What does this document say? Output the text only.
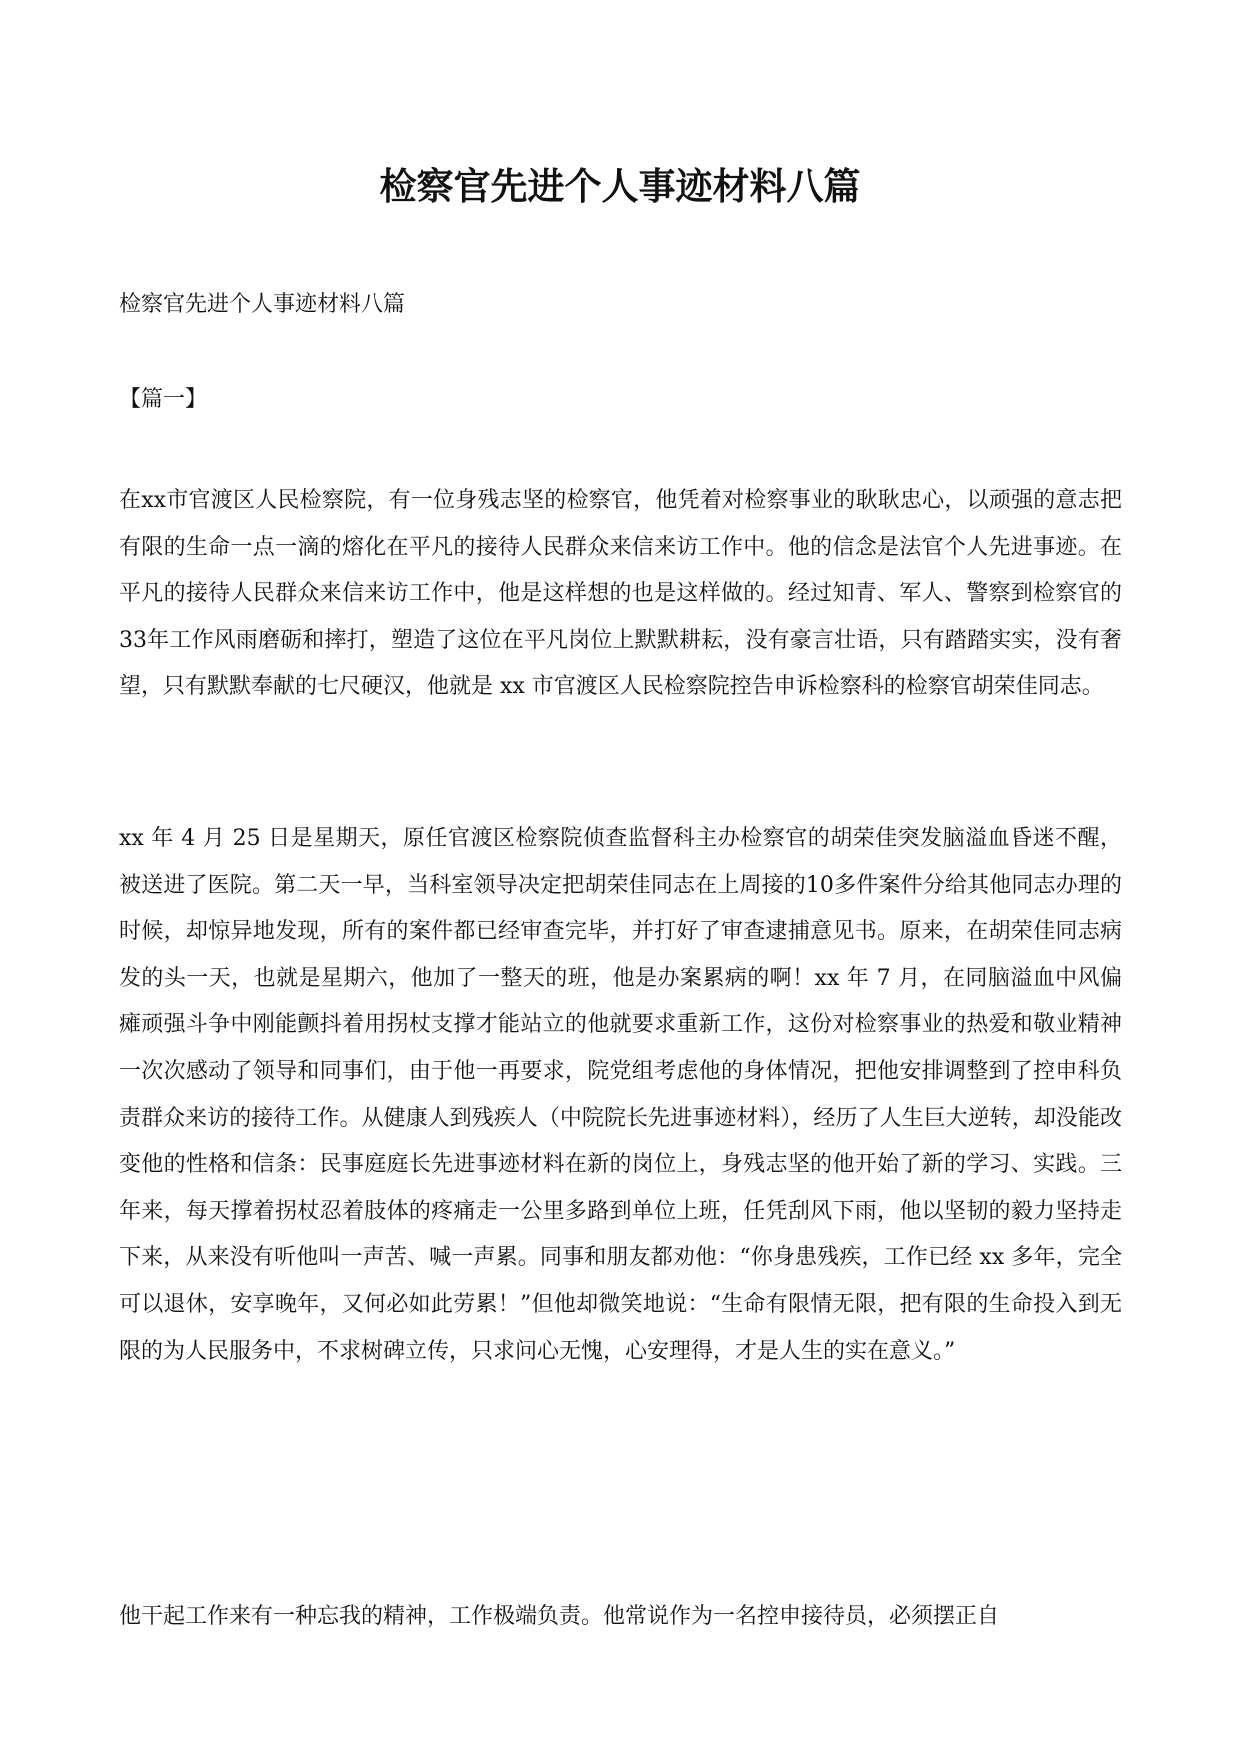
检察官先进个人事迹材料八篇

检察官先进个人事迹材料八篇

【篇一】

在xx市官渡区人民检察院，有一位身残志坚的检察官，他凭着对检察事业的耿耿忠心，以顽强的意志把有限的生命一点一滴的熔化在平凡的接待人民群众来信来访工作中。他的信念是法官个人先进事迹。在平凡的接待人民群众来信来访工作中，他是这样想的也是这样做的。经过知青、军人、警察到检察官的33年工作风雨磨砺和摔打，塑造了这位在平凡岗位上默默耕耘，没有豪言壮语，只有踏踏实实，没有奢望，只有默默奉献的七尺硬汉，他就是 xx 市官渡区人民检察院控告申诉检察科的检察官胡荣佳同志。

xx 年 4 月 25 日是星期天，原任官渡区检察院侦查监督科主办检察官的胡荣佳突发脑溢血昏迷不醒，被送进了医院。第二天一早，当科室领导决定把胡荣佳同志在上周接的10多件案件分给其他同志办理的时候，却惊异地发现，所有的案件都已经审查完毕，并打好了审查逮捕意见书。原来，在胡荣佳同志病发的头一天，也就是星期六，他加了一整天的班，他是办案累病的啊！xx 年 7 月，在同脑溢血中风偏瘫顽强斗争中刚能颤抖着用拐杖支撑才能站立的他就要求重新工作，这份对检察事业的热爱和敬业精神一次次感动了领导和同事们，由于他一再要求，院党组考虑他的身体情况，把他安排调整到了控申科负责群众来访的接待工作。从健康人到残疾人（中院院长先进事迹材料），经历了人生巨大逆转，却没能改变他的性格和信条：民事庭庭长先进事迹材料在新的岗位上，身残志坚的他开始了新的学习、实践。三年来，每天撑着拐杖忍着肢体的疼痛走一公里多路到单位上班，任凭刮风下雨，他以坚韧的毅力坚持走下来，从来没有听他叫一声苦、喊一声累。同事和朋友都劝他：“你身患残疾，工作已经 xx 多年，完全可以退休，安享晚年，又何必如此劳累！”但他却微笑地说：“生命有限情无限，把有限的生命投入到无限的为人民服务中，不求树碑立传，只求问心无愧，心安理得，才是人生的实在意义。”

他干起工作来有一种忘我的精神，工作极端负责。他常说作为一名控申接待员，必须摆正自
